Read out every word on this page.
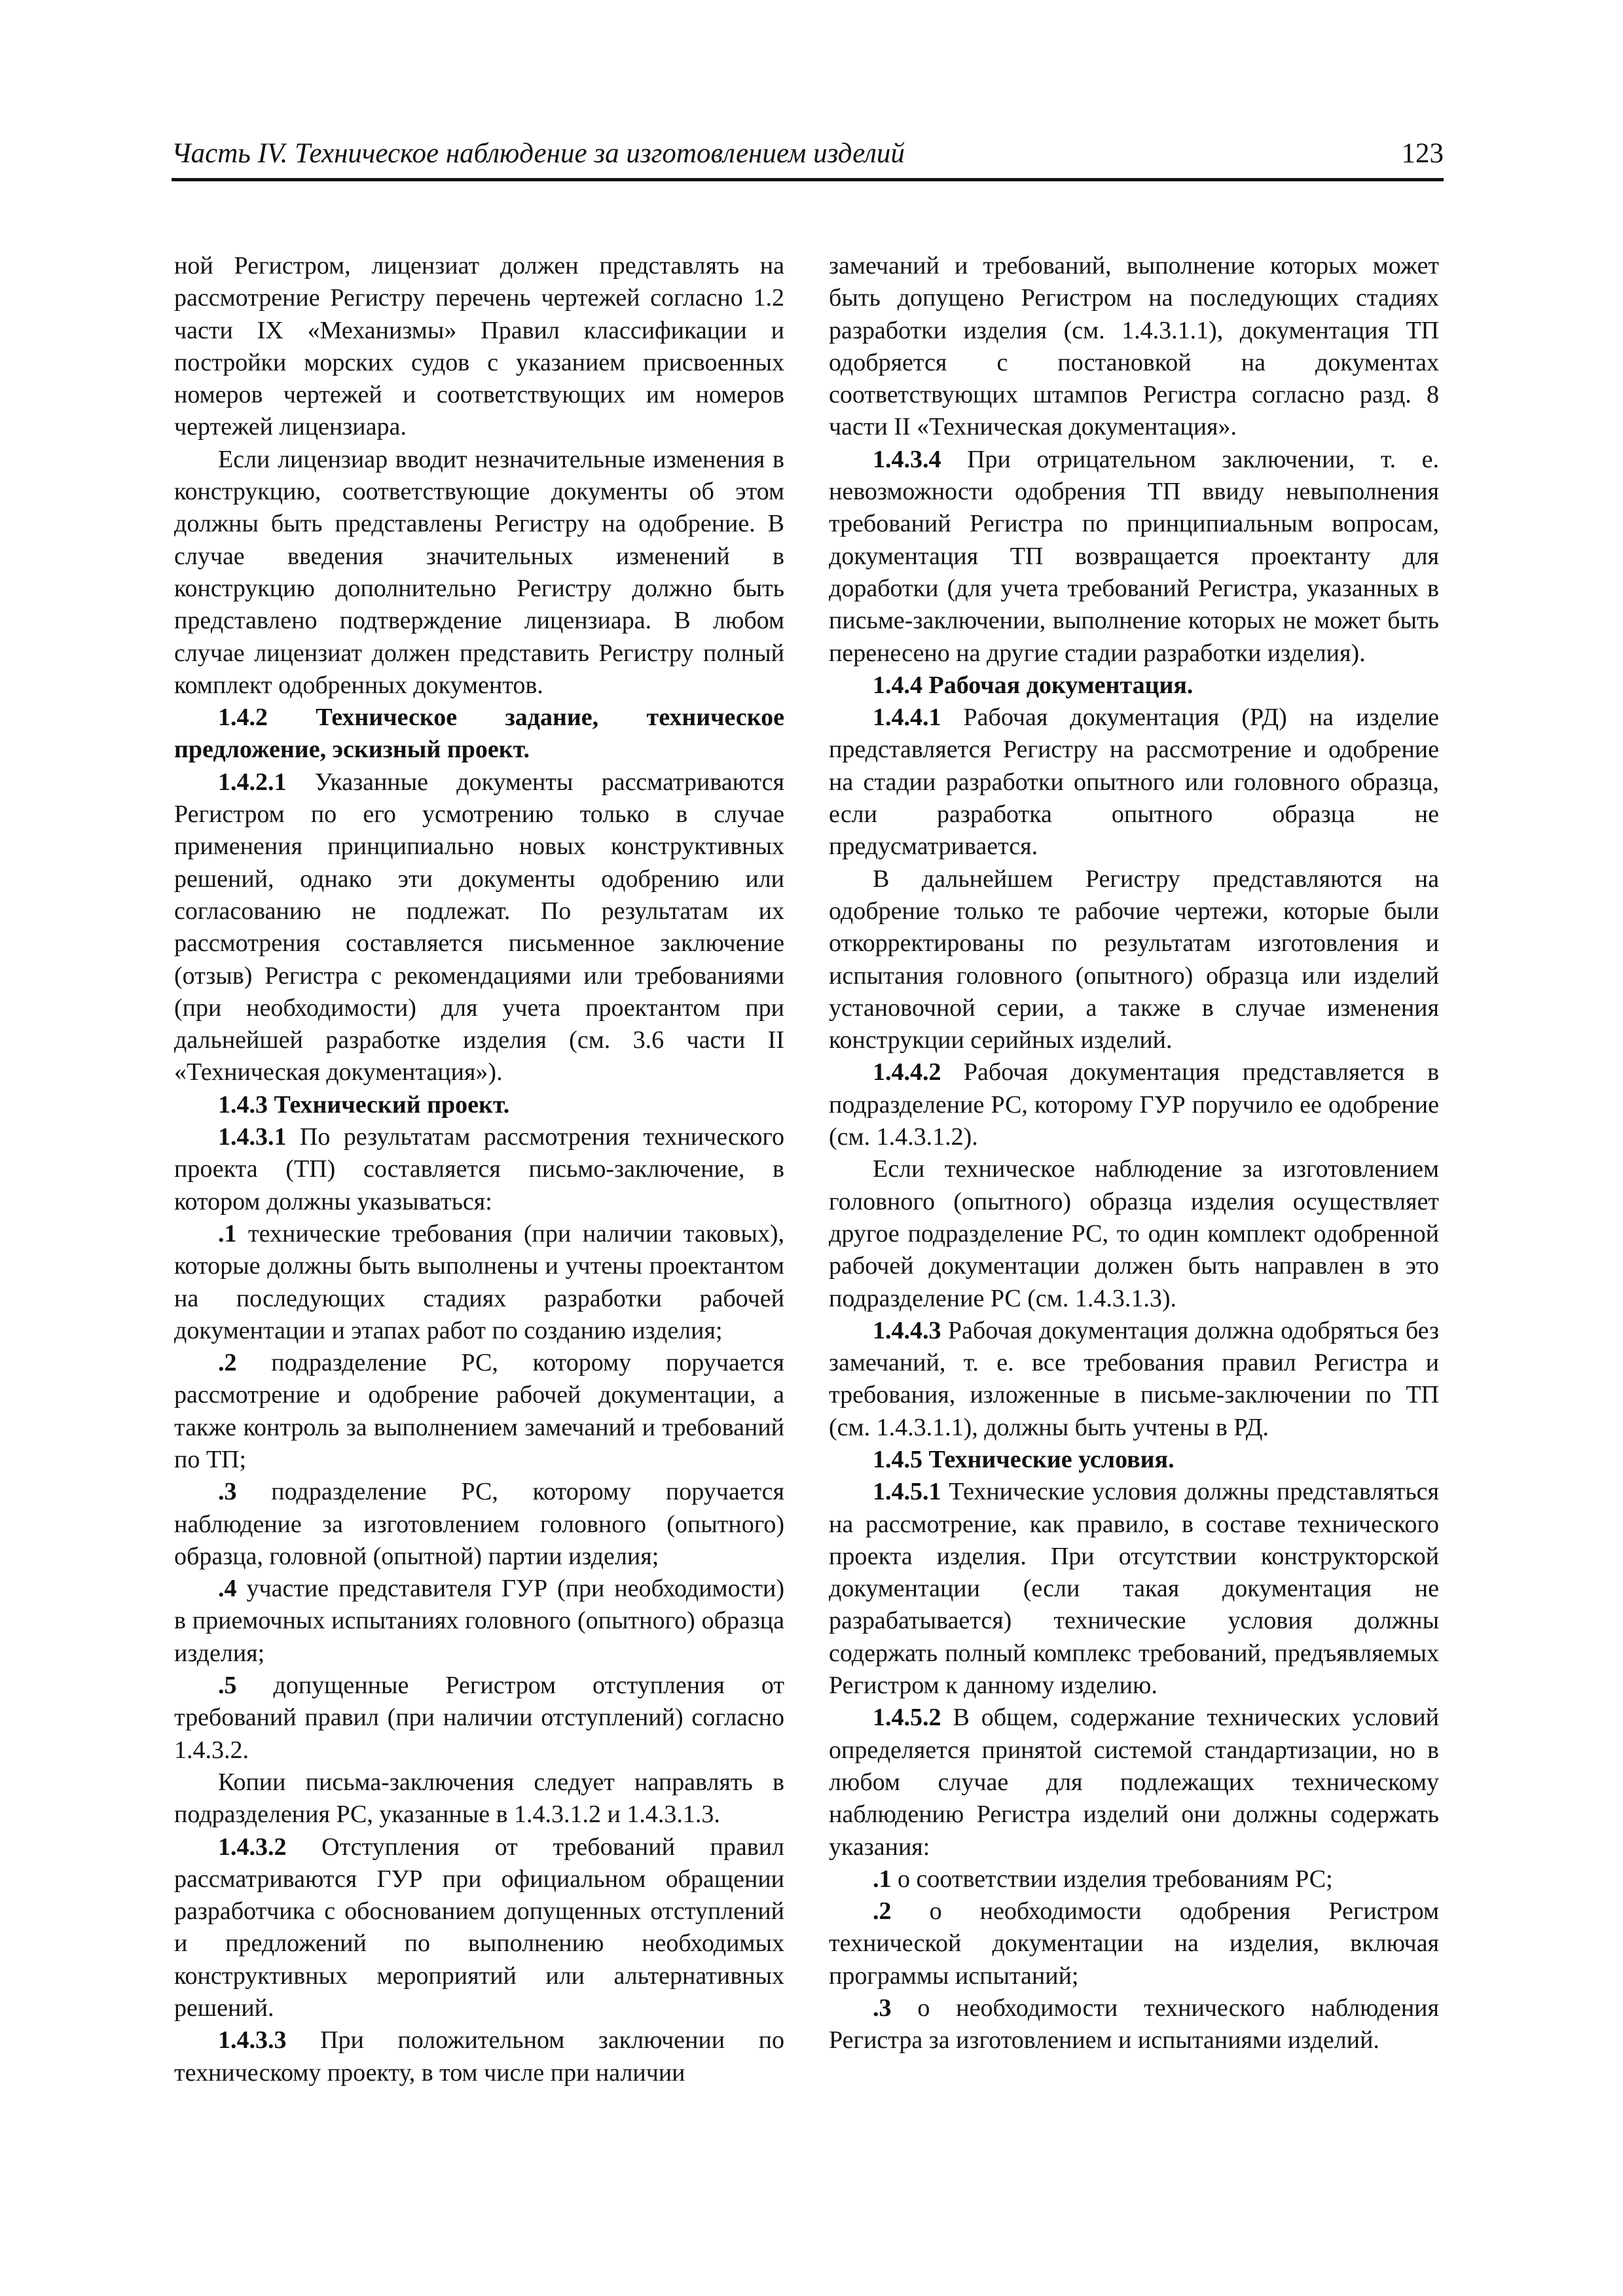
Часть IV. Техническое наблюдение за изготовлением изделий	123

ной Регистром, лицензиат должен представлять на рассмотрение Регистру перечень чертежей согласно 1.2 части IX «Механизмы» Правил классификации и постройки морских судов с указанием присвоенных номеров чертежей и соответствующих им номеров чертежей лицензиара.

Если лицензиар вводит незначительные изменения в конструкцию, соответствующие документы об этом должны быть представлены Регистру на одобрение. В случае введения значительных изменений в конструкцию дополнительно Регистру должно быть представлено подтверждение лицензиара. В любом случае лицензиат должен представить Регистру полный комплект одобренных документов.

1.4.2 Техническое задание, техническое предложение, эскизный проект.

1.4.2.1 Указанные документы рассматриваются Регистром по его усмотрению только в случае применения принципиально новых конструктивных решений, однако эти документы одобрению или согласованию не подлежат. По результатам их рассмотрения составляется письменное заключение (отзыв) Регистра с рекомендациями или требованиями (при необходимости) для учета проектантом при дальнейшей разработке изделия (см. 3.6 части II «Техническая документация»).

1.4.3 Технический проект.

1.4.3.1 По результатам рассмотрения технического проекта (ТП) составляется письмо-заключение, в котором должны указываться:

.1 технические требования (при наличии таковых), которые должны быть выполнены и учтены проектантом на последующих стадиях разработки рабочей документации и этапах работ по созданию изделия;

.2 подразделение РС, которому поручается рассмотрение и одобрение рабочей документации, а также контроль за выполнением замечаний и требований по ТП;

.3 подразделение РС, которому поручается наблюдение за изготовлением головного (опытного) образца, головной (опытной) партии изделия;

.4 участие представителя ГУР (при необходимости) в приемочных испытаниях головного (опытного) образца изделия;

.5 допущенные Регистром отступления от требований правил (при наличии отступлений) согласно 1.4.3.2.

Копии письма-заключения следует направлять в подразделения РС, указанные в 1.4.3.1.2 и 1.4.3.1.3.

1.4.3.2 Отступления от требований правил рассматриваются ГУР при официальном обращении разработчика с обоснованием допущенных отступлений и предложений по выполнению необходимых конструктивных мероприятий или альтернативных решений.

1.4.3.3 При положительном заключении по техническому проекту, в том числе при наличии

замечаний и требований, выполнение которых может быть допущено Регистром на последующих стадиях разработки изделия (см. 1.4.3.1.1), документация ТП одобряется с постановкой на документах соответствующих штампов Регистра согласно разд. 8 части II «Техническая документация».

1.4.3.4 При отрицательном заключении, т. е. невозможности одобрения ТП ввиду невыполнения требований Регистра по принципиальным вопросам, документация ТП возвращается проектанту для доработки (для учета требований Регистра, указанных в письме-заключении, выполнение которых не может быть перенесено на другие стадии разработки изделия).

1.4.4 Рабочая документация.

1.4.4.1 Рабочая документация (РД) на изделие представляется Регистру на рассмотрение и одобрение на стадии разработки опытного или головного образца, если разработка опытного образца не предусматривается.

В дальнейшем Регистру представляются на одобрение только те рабочие чертежи, которые были откорректированы по результатам изготовления и испытания головного (опытного) образца или изделий установочной серии, а также в случае изменения конструкции серийных изделий.

1.4.4.2 Рабочая документация представляется в подразделение РС, которому ГУР поручило ее одобрение (см. 1.4.3.1.2).

Если техническое наблюдение за изготовлением головного (опытного) образца изделия осуществляет другое подразделение РС, то один комплект одобренной рабочей документации должен быть направлен в это подразделение РС (см. 1.4.3.1.3).

1.4.4.3 Рабочая документация должна одобряться без замечаний, т. е. все требования правил Регистра и требования, изложенные в письме-заключении по ТП (см. 1.4.3.1.1), должны быть учтены в РД.

1.4.5 Технические условия.

1.4.5.1 Технические условия должны представляться на рассмотрение, как правило, в составе технического проекта изделия. При отсутствии конструкторской документации (если такая документация не разрабатывается) технические условия должны содержать полный комплекс требований, предъявляемых Регистром к данному изделию.

1.4.5.2 В общем, содержание технических условий определяется принятой системой стандартизации, но в любом случае для подлежащих техническому наблюдению Регистра изделий они должны содержать указания:

.1 о соответствии изделия требованиям РС;

.2 о необходимости одобрения Регистром технической документации на изделия, включая программы испытаний;

.3 о необходимости технического наблюдения Регистра за изготовлением и испытаниями изделий.
